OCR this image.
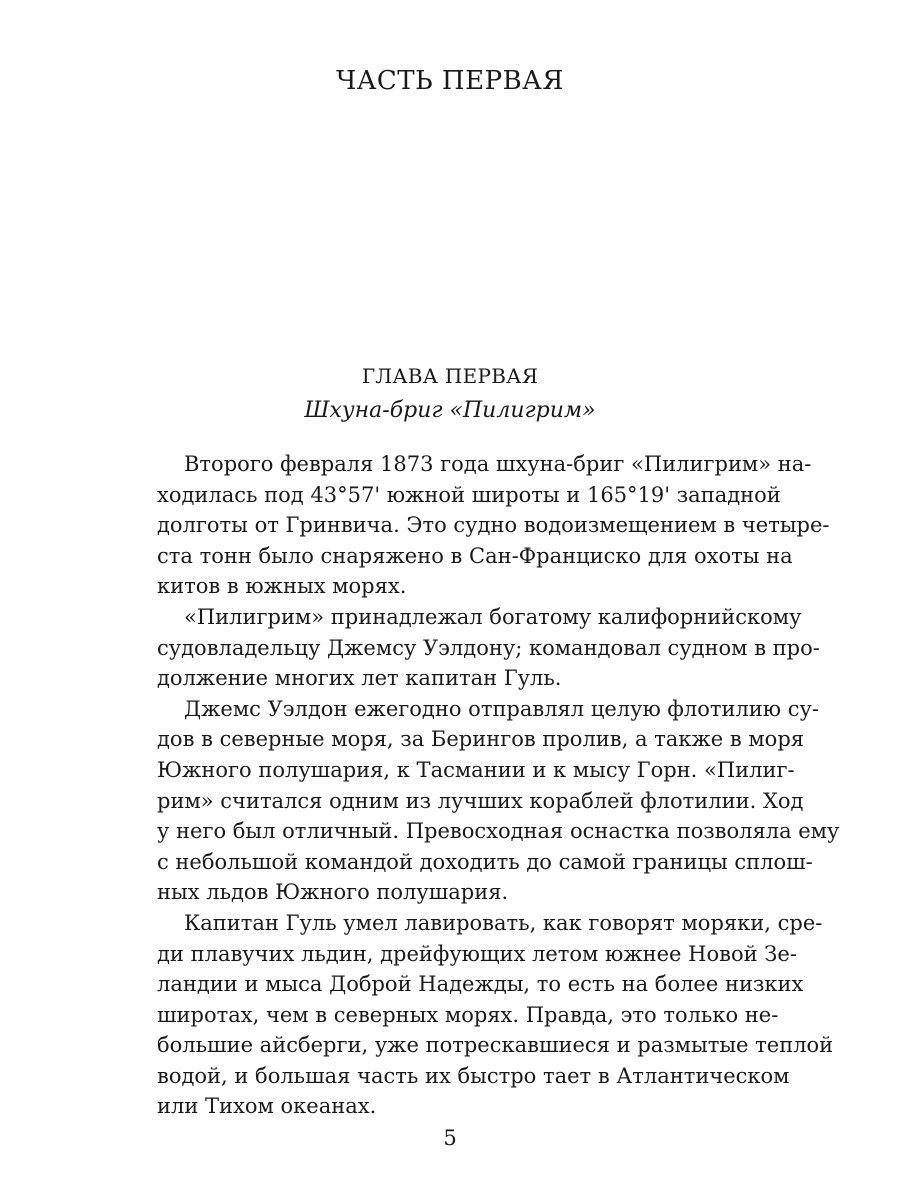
ЧАСТЬ ПЕРВАЯ
ГЛАВА ПЕРВАЯ
Шхуна-бриг «Пилигрим»
Второго февраля 1873 года шхуна-бриг «Пилигрим» на-
ходилась под 43°57' южной широты и 165°19' западной
долготы от Гринвича. Это судно водоизмещением в четыре-
ста тонн было снаряжено в Сан-Франциско для охоты на
китов в южных морях.
«Пилигрим» принадлежал богатому калифорнийскому
судовладельцу Джемсу Уэлдону; командовал судном в про-
должение многих лет капитан Гуль.
Джемс Уэлдон ежегодно отправлял целую флотилию су-
дов в северные моря, за Берингов пролив, а также в моря
Южного полушария, к Тасмании и к мысу Горн. «Пилиг-
рим» считался одним из лучших кораблей флотилии. Ход
у него был отличный. Превосходная оснастка позволяла ему
с небольшой командой доходить до самой границы сплош-
ных льдов Южного полушария.
Капитан Гуль умел лавировать, как говорят моряки, сре-
ди плавучих льдин, дрейфующих летом южнее Новой Зе-
ландии и мыса Доброй Надежды, то есть на более низких
широтах, чем в северных морях. Правда, это только не-
большие айсберги, уже потрескавшиеся и размытые теплой
водой, и большая часть их быстро тает в Атлантическом
или Тихом океанах.
5
